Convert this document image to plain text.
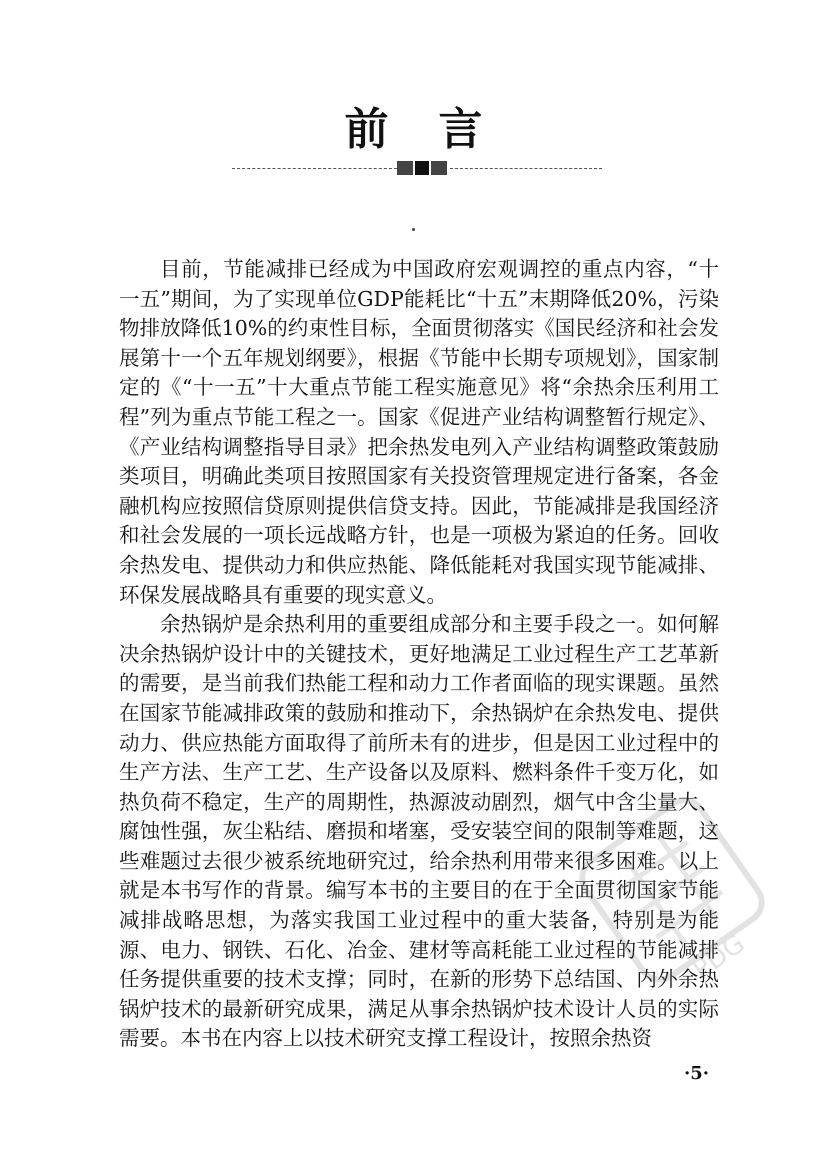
前言

目前，节能减排已经成为中国政府宏观调控的重点内容，“十一五”期间，为了实现单位GDP能耗比“十五”末期降低20%，污染物排放降低10%的约束性目标，全面贯彻落实《国民经济和社会发展第十一个五年规划纲要》，根据《节能中长期专项规划》，国家制定的《“十一五”十大重点节能工程实施意见》将“余热余压利用工程”列为重点节能工程之一。国家《促进产业结构调整暂行规定》、《产业结构调整指导目录》把余热发电列入产业结构调整政策鼓励类项目，明确此类项目按照国家有关投资管理规定进行备案，各金融机构应按照信贷原则提供信贷支持。因此，节能减排是我国经济和社会发展的一项长远战略方针，也是一项极为紧迫的任务。回收余热发电、提供动力和供应热能、降低能耗对我国实现节能减排、环保发展战略具有重要的现实意义。

余热锅炉是余热利用的重要组成部分和主要手段之一。如何解决余热锅炉设计中的关键技术，更好地满足工业过程生产工艺革新的需要，是当前我们热能工程和动力工作者面临的现实课题。虽然在国家节能减排政策的鼓励和推动下，余热锅炉在余热发电、提供动力、供应热能方面取得了前所未有的进步，但是因工业过程中的生产方法、生产工艺、生产设备以及原料、燃料条件千变万化，如热负荷不稳定，生产的周期性，热源波动剧烈，烟气中含尘量大、腐蚀性强，灰尘粘结、磨损和堵塞，受安装空间的限制等难题，这些难题过去很少被系统地研究过，给余热利用带来很多困难。以上就是本书写作的背景。编写本书的主要目的在于全面贯彻国家节能减排战略思想，为落实我国工业过程中的重大装备，特别是为能源、电力、钢铁、石化、冶金、建材等高耗能工业过程的节能减排任务提供重要的技术支撑；同时，在新的形势下总结国、内外余热锅炉技术的最新研究成果，满足从事余热锅炉技术设计人员的实际需要。本书在内容上以技术研究支撑工程设计，按照余热资

PDG
·5·
